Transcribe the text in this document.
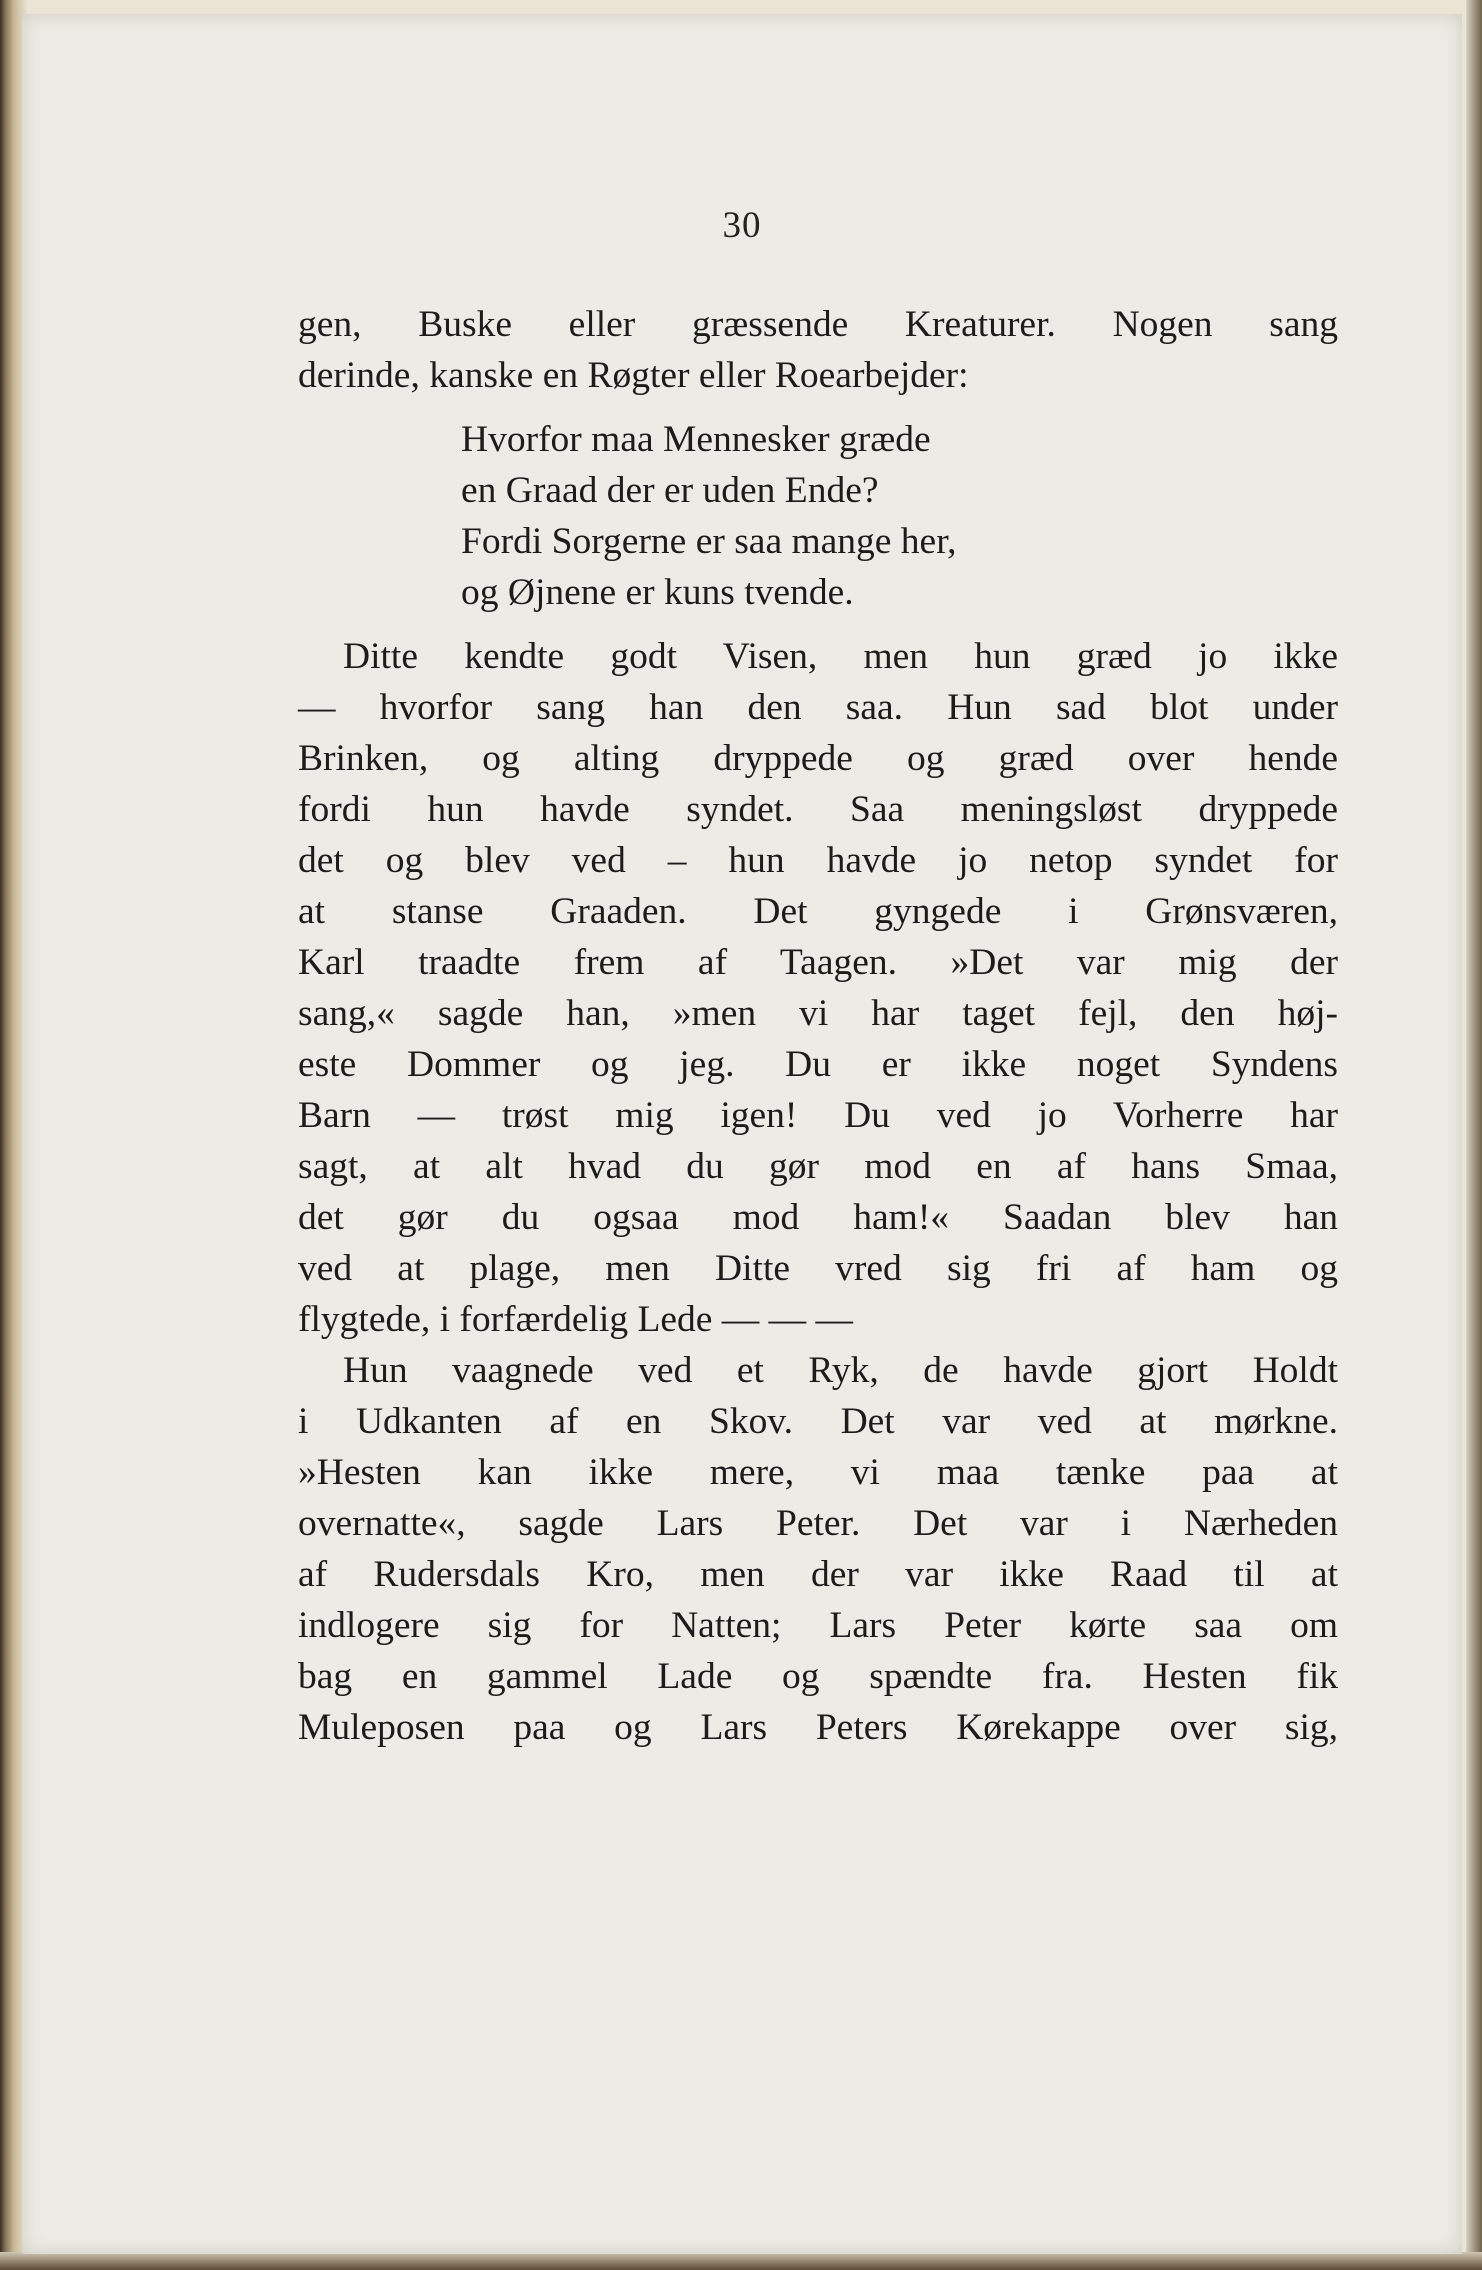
30
gen, Buske eller græssende Kreaturer. Nogen sang
derinde, kanske en Røgter eller Roearbejder:
Hvorfor maa Mennesker græde
en Graad der er uden Ende?
Fordi Sorgerne er saa mange her,
og Øjnene er kuns tvende.
Ditte kendte godt Visen, men hun græd jo ikke
— hvorfor sang han den saa. Hun sad blot under
Brinken, og alting dryppede og græd over hende
fordi hun havde syndet. Saa meningsløst dryppede
det og blev ved – hun havde jo netop syndet for
at stanse Graaden. Det gyngede i Grønsværen,
Karl traadte frem af Taagen. »Det var mig der
sang,« sagde han, »men vi har taget fejl, den høj-
este Dommer og jeg. Du er ikke noget Syndens
Barn — trøst mig igen! Du ved jo Vorherre har
sagt, at alt hvad du gør mod en af hans Smaa,
det gør du ogsaa mod ham!« Saadan blev han
ved at plage, men Ditte vred sig fri af ham og
flygtede, i forfærdelig Lede — — —
Hun vaagnede ved et Ryk, de havde gjort Holdt
i Udkanten af en Skov. Det var ved at mørkne.
»Hesten kan ikke mere, vi maa tænke paa at
overnatte«, sagde Lars Peter. Det var i Nærheden
af Rudersdals Kro, men der var ikke Raad til at
indlogere sig for Natten; Lars Peter kørte saa om
bag en gammel Lade og spændte fra. Hesten fik
Muleposen paa og Lars Peters Kørekappe over sig,
